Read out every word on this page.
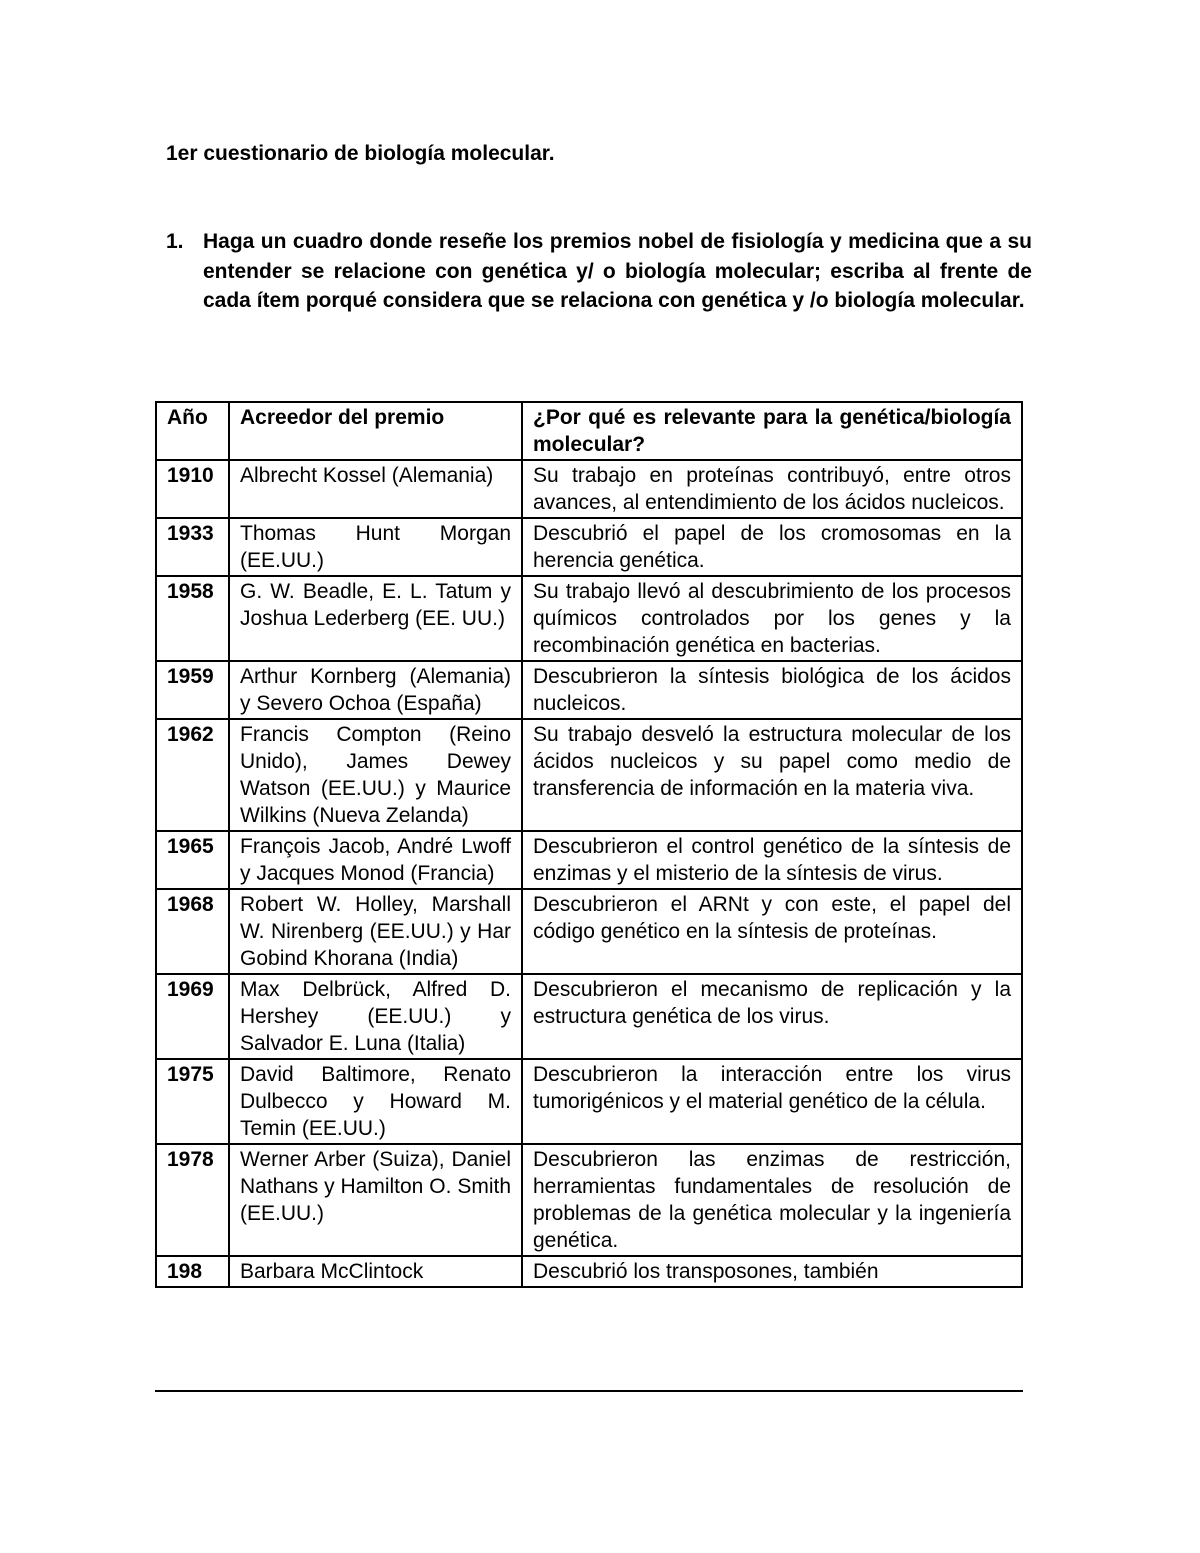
1er cuestionario de biología molecular.
1. Haga un cuadro donde reseñe los premios nobel de fisiología y medicina que a su entender se relacione con genética y/ o biología molecular; escriba al frente de cada ítem porqué considera que se relaciona con genética y /o biología molecular.
Año	Acreedor del premio	¿Por qué es relevante para la genética/biología molecular?
1910	Albrecht Kossel (Alemania)	Su trabajo en proteínas contribuyó, entre otros avances, al entendimiento de los ácidos nucleicos.
1933	Thomas Hunt Morgan (EE.UU.)	Descubrió el papel de los cromosomas en la herencia genética.
1958	G. W. Beadle, E. L. Tatum y Joshua Lederberg (EE. UU.)	Su trabajo llevó al descubrimiento de los procesos químicos controlados por los genes y la recombinación genética en bacterias.
1959	Arthur Kornberg (Alemania) y Severo Ochoa (España)	Descubrieron la síntesis biológica de los ácidos nucleicos.
1962	Francis Compton (Reino Unido), James Dewey Watson (EE.UU.) y Maurice Wilkins (Nueva Zelanda)	Su trabajo desveló la estructura molecular de los ácidos nucleicos y su papel como medio de transferencia de información en la materia viva.
1965	François Jacob, André Lwoff y Jacques Monod (Francia)	Descubrieron el control genético de la síntesis de enzimas y el misterio de la síntesis de virus.
1968	Robert W. Holley, Marshall W. Nirenberg (EE.UU.) y Har Gobind Khorana (India)	Descubrieron el ARNt y con este, el papel del código genético en la síntesis de proteínas.
1969	Max Delbrück, Alfred D. Hershey (EE.UU.) y Salvador E. Luna (Italia)	Descubrieron el mecanismo de replicación y la estructura genética de los virus.
1975	David Baltimore, Renato Dulbecco y Howard M. Temin (EE.UU.)	Descubrieron la interacción entre los virus tumorigénicos y el material genético de la célula.
1978	Werner Arber (Suiza), Daniel Nathans y Hamilton O. Smith (EE.UU.)	Descubrieron las enzimas de restricción, herramientas fundamentales de resolución de problemas de la genética molecular y la ingeniería genética.
198	Barbara McClintock	Descubrió los transposones, también
